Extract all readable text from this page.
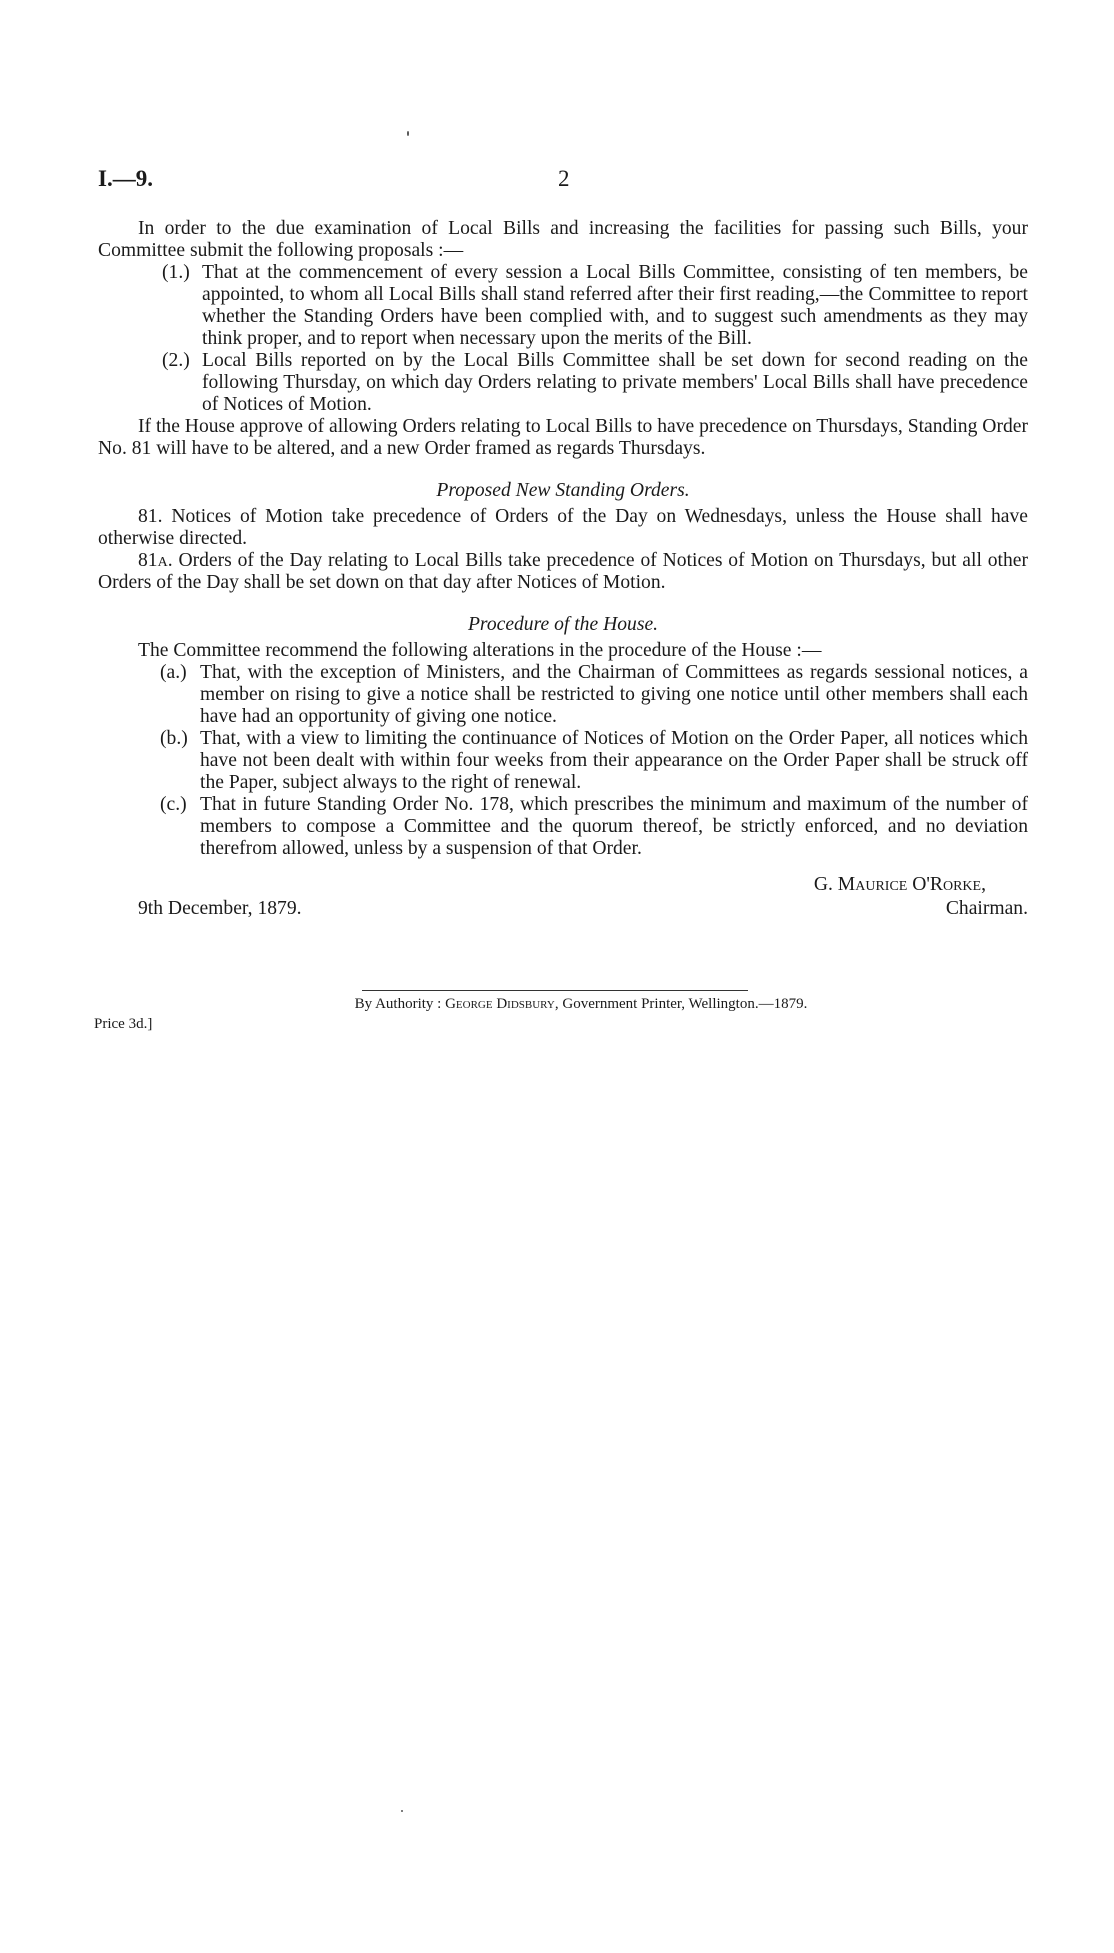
I.—9.	2

In order to the due examination of Local Bills and increasing the facilities for passing such Bills, your Committee submit the following proposals :—

(1.) That at the commencement of every session a Local Bills Committee, consisting of ten members, be appointed, to whom all Local Bills shall stand referred after their first reading,—the Committee to report whether the Standing Orders have been complied with, and to suggest such amendments as they may think proper, and to report when necessary upon the merits of the Bill.
(2.) Local Bills reported on by the Local Bills Committee shall be set down for second reading on the following Thursday, on which day Orders relating to private members' Local Bills shall have precedence of Notices of Motion.

If the House approve of allowing Orders relating to Local Bills to have precedence on Thursdays, Standing Order No. 81 will have to be altered, and a new Order framed as regards Thursdays.

Proposed New Standing Orders.

81. Notices of Motion take precedence of Orders of the Day on Wednesdays, unless the House shall have otherwise directed.

81a. Orders of the Day relating to Local Bills take precedence of Notices of Motion on Thursdays, but all other Orders of the Day shall be set down on that day after Notices of Motion.

Procedure of the House.

The Committee recommend the following alterations in the procedure of the House :—

(a.) That, with the exception of Ministers, and the Chairman of Committees as regards sessional notices, a member on rising to give a notice shall be restricted to giving one notice until other members shall each have had an opportunity of giving one notice.
(b.) That, with a view to limiting the continuance of Notices of Motion on the Order Paper, all notices which have not been dealt with within four weeks from their appearance on the Order Paper shall be struck off the Paper, subject always to the right of renewal.
(c.) That in future Standing Order No. 178, which prescribes the minimum and maximum of the number of members to compose a Committee and the quorum thereof, be strictly enforced, and no deviation therefrom allowed, unless by a suspension of that Order.
G. Maurice O'Rorke,
Chairman.
9th December, 1879.
By Authority : George Didsbury, Government Printer, Wellington.—1879.
Price 3d.]
